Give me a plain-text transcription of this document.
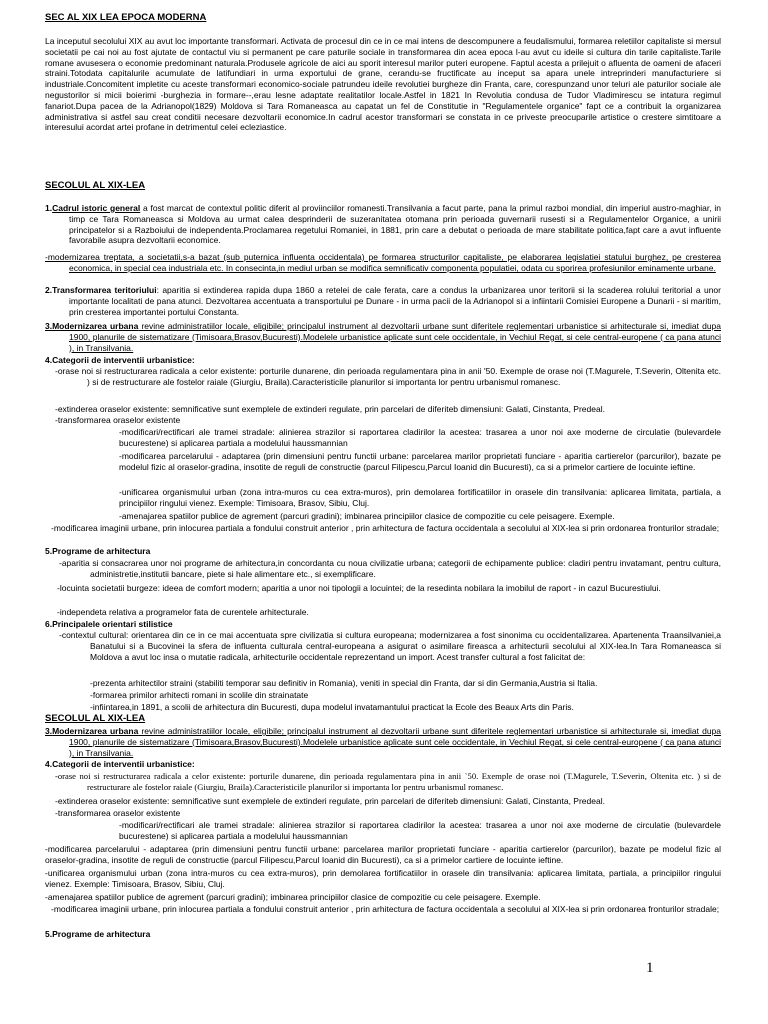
SEC AL XIX LEA EPOCA MODERNA

La inceputul secolului XIX au avut loc importante transformari. Activata de procesul din ce in ce mai intens de descompunere a feudalismului, formarea reletiilor capitaliste si mersul societatii pe cai noi au fost ajutate de contactul viu si permanent pe care paturile sociale in transformarea din acea epoca l-au avut cu ideile si cultura din tarile capitaliste.Tarile romane avusesera o economie predominant naturala.Produsele agricole de aici au sporit interesul marilor puteri europene. Faptul acesta a prilejuit o afluenta de oameni de afaceri straini.Totodata capitalurile acumulate de latifundiari in urma exportului de grane, cerandu-se fructificate au inceput sa apara unele intreprinderi manufacturiere si industriale.Concomitent impletite cu aceste transformari economico-sociale patrundeu ideile revolutiei burgheze din Franta, care, corespunzand unor teluri ale paturilor sociale ale negustorilor si micii boierimi -burghezia in formare--,erau lesne adaptate realitatilor locale.Astfel in 1821 In Revolutia condusa de Tudor Vladimirescu se intatura regimul fanariot.Dupa pacea de la Adrianopol(1829) Moldova si Tara Romaneasca au capatat un fel de Constitutie in "Regulamentele organice" fapt ce a contribuit la organizarea administrativa si astfel sau creat conditii necesare dezvoltarii economice.In cadrul acestor transformari se constata in ce priveste preocuparile artistice o crestere simtitoare a interesului acordat artei profane in detrimentul celei ecleziastice.

SECOLUL AL XIX-LEA

1.Cadrul istoric general a fost marcat de contextul politic diferit al proviinciilor romanesti.Transilvania a facut parte, pana la primul razboi mondial, din imperiul austro-maghiar, in timp ce Tara Romaneasca si Moldova au urmat calea desprinderii de suzeranitatea otomana prin perioada guvernarii rusesti si a Regulamentelor Organice, a unirii principatelor si a Razboiului de independenta.Proclamarea regetului Romaniei, in 1881, prin care a debutat o perioada de mare stabilitate politica,fapt care a avut influente favorabile asupra dezvoltarii economice.

-modernizarea treptata, a societatii,s-a bazat (sub puternica influenta occidentala) pe formarea structurilor capitaliste, pe elaborarea legislatiei statului burghez, pe cresterea economica, in special cea industriala etc. In consecinta,in mediul urban se modifica semnificativ componenta populatiei, odata cu sporirea profesiunilor eminamente urbane.

2.Transformarea teritoriului: aparitia si extinderea rapida dupa 1860 a retelei de cale ferata, care a condus la urbanizarea unor teritorii si la scaderea rolului teritorial a unor importante localitati de pana atunci. Dezvoltarea accentuata a transportului pe Dunare - in urma pacii de la Adrianopol si a infiintarii Comisiei Europene a Dunarii - si maritim, prin cresterea importantei portului Constanta.

3.Modernizarea urbana revine administratiilor locale, eligibile; principalul instrument al dezvoltarii urbane sunt diferitele reglementari urbanistice si arhitecturale si, imediat dupa 1900, planurile de sistematizare (Timisoara,Brasov,Bucuresti).Modelele urbanistice aplicate sunt cele occidentale, in Vechiul Regat, si cele central-europene ( ca pana atunci ), in Transilvania.

4.Categorii de interventii urbanistice:

-orase noi si restructurarea radicala a celor existente: porturile dunarene, din perioada regulamentara pina in anii '50. Exemple de orase noi (T.Magurele, T.Severin, Oltenita etc. ) si de restructurare ale fostelor raiale (Giurgiu, Braila).Caracteristicile planurilor si importanta lor pentru urbanismul romanesc.

-extinderea oraselor existente: semnificative sunt exemplele de extinderi regulate, prin parcelari de diferiteb dimensiuni: Galati, Cinstanta, Predeal.

-transformarea oraselor existente

-modificari/rectificari ale tramei stradale: alinierea strazilor si raportarea cladirilor la acestea: trasarea a unor noi axe moderne de circulatie (bulevardele bucurestene) si aplicarea partiala a modelului haussmannian

-modificarea parcelarului - adaptarea (prin dimensiuni pentru functii urbane: parcelarea marilor proprietati funciare - aparitia cartierelor (parcurilor), bazate pe modelul fizic al oraselor-gradina, insotite de reguli de constructie (parcul Filipescu,Parcul Ioanid din Bucuresti), ca si a primelor cartiere de locuinte ieftine.

-unificarea organismului urban (zona intra-muros cu cea extra-muros), prin demolarea fortificatiilor in orasele din transilvania: aplicarea limitata, partiala, a principiilor ringului vienez. Exemple: Timisoara, Brasov, Sibiu, Cluj.

-amenajarea spatiilor publice de agrement (parcuri gradini); imbinarea principiilor clasice de compozitie cu cele peisagere. Exemple.

-modificarea imaginii urbane, prin inlocurea partiala a fondului construit anterior , prin arhitectura de factura occidentala a secolului al XIX-lea si prin ordonarea fronturilor stradale;

5.Programe de arhitectura

-aparitia si consacrarea unor noi programe de arhitectura,in concordanta cu noua civilizatie urbana; categorii de echipamente publice: cladiri pentru invatamant, pentru cultura, administretie,institutii bancare, piete si hale alimentare etc., si exemplificare.

-locuinta societatii burgeze: ideea de comfort modern; aparitia a unor noi tipologii a locuintei; de la resedinta nobilara la imobilul de raport - in cazul Bucurestiului.

-independeta relativa a programelor fata de curentele arhitecturale.

6.Principalele orientari stilistice

-contextul cultural: orientarea din ce in ce mai accentuata spre civilizatia si cultura europeana; modernizarea a fost sinonima cu occidentalizarea. Apartenenta Traansilvaniei,a Banatului si a Bucovinei la sfera de influenta culturala central-europeana a asigurat o asimilare fireasca a arhitecturii secolului al XIX-lea.In Tara Romaneasca si Moldova a avut loc insa o mutatie radicala, arhitecturile occidentale reprezentand un import. Acest transfer cultural a fost falicitat de:

-prezenta arhitectilor straini (stabiliti temporar sau definitiv in Romania), veniti in special din Franta, dar si din Germania,Austria si Italia.

-formarea primilor arhitecti romani in scolile din strainatate

-infiintarea,in 1891, a scolii de arhitectura din Bucuresti, dupa modelul invatamantului practicat la Ecole des Beaux Arts din Paris.

SECOLUL AL XIX-LEA

3.Modernizarea urbana revine administratiilor locale, eligibile; principalul instrument al dezvoltarii urbane sunt diferitele reglementari urbanistice si arhitecturale si, imediat dupa 1900, planurile de sistematizare (Timisoara,Brasov,Bucuresti).Modelele urbanistice aplicate sunt cele occidentale, in Vechiul Regat, si cele central-europene ( ca pana atunci ), in Transilvania.

4.Categorii de interventii urbanistice:

-orase noi si restructurarea radicala a celor existente: porturile dunarene, din perioada regulamentara pina in anii `50. Exemple de orase noi (T.Magurele, T.Severin, Oltenita etc. ) si de restructurare ale fostelor raiale (Giurgiu, Braila).Caracteristicile planurilor si importanta lor pentru urbanismul romanesc.

-extinderea oraselor existente: semnificative sunt exemplele de extinderi regulate, prin parcelari de diferiteb dimensiuni: Galati, Cinstanta, Predeal.

-transformarea oraselor existente

-modificari/rectificari ale tramei stradale: alinierea strazilor si raportarea cladirilor la acestea: trasarea a unor noi axe moderne de circulatie (bulevardele bucurestene) si aplicarea partiala a modelului haussmannian

-modificarea parcelarului - adaptarea (prin dimensiuni pentru functii urbane: parcelarea marilor proprietati funciare - aparitia cartierelor (parcurilor), bazate pe modelul fizic al oraselor-gradina, insotite de reguli de constructie (parcul Filipescu,Parcul Ioanid din Bucuresti), ca si a primelor cartiere de locuinte ieftine.

-unificarea organismului urban (zona intra-muros cu cea extra-muros), prin demolarea fortificatiilor in orasele din transilvania: aplicarea limitata, partiala, a principiilor ringului vienez. Exemple: Timisoara, Brasov, Sibiu, Cluj.

-amenajarea spatiilor publice de agrement (parcuri gradini); imbinarea principiilor clasice de compozitie cu cele peisagere. Exemple.

-modificarea imaginii urbane, prin inlocurea partiala a fondului construit anterior , prin arhitectura de factura occidentala a secolului al XIX-lea si prin ordonarea fronturilor stradale;

5.Programe de arhitectura

1
